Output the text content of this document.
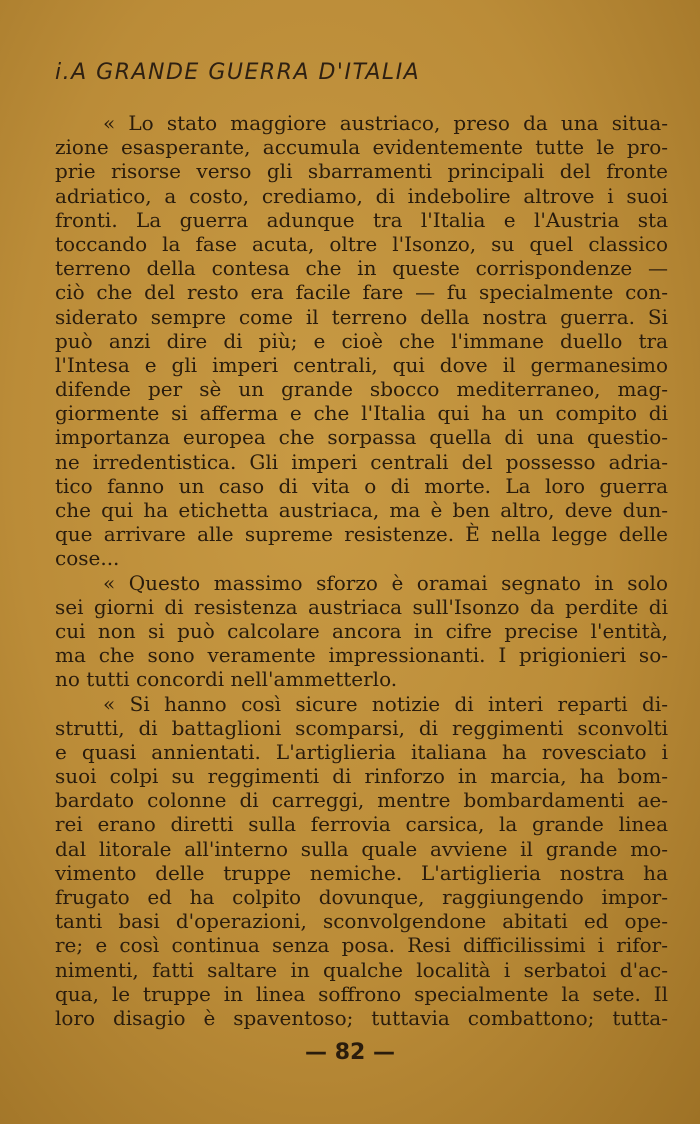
i.A GRANDE GUERRA D'ITALIA
« Lo stato maggiore austriaco, preso da una situa-
zione esasperante, accumula evidentemente tutte le pro-
prie risorse verso gli sbarramenti principali del fronte
adriatico, a costo, crediamo, di indebolire altrove i suoi
fronti. La guerra adunque tra l'Italia e l'Austria sta
toccando la fase acuta, oltre l'Isonzo, su quel classico
terreno della contesa che in queste corrispondenze —
ciò che del resto era facile fare — fu specialmente con-
siderato sempre come il terreno della nostra guerra. Si
può anzi dire di più; e cioè che l'immane duello tra
l'Intesa e gli imperi centrali, qui dove il germanesimo
difende per sè un grande sbocco mediterraneo, mag-
giormente si afferma e che l'Italia qui ha un compito di
importanza europea che sorpassa quella di una questio-
ne irredentistica. Gli imperi centrali del possesso adria-
tico fanno un caso di vita o di morte. La loro guerra
che qui ha etichetta austriaca, ma è ben altro, deve dun-
que arrivare alle supreme resistenze. È nella legge delle
cose...
« Questo massimo sforzo è oramai segnato in solo
sei giorni di resistenza austriaca sull'Isonzo da perdite di
cui non si può calcolare ancora in cifre precise l'entità,
ma che sono veramente impressionanti. I prigionieri so-
no tutti concordi nell'ammetterlo.
« Si hanno così sicure notizie di interi reparti di-
strutti, di battaglioni scomparsi, di reggimenti sconvolti
e quasi annientati. L'artiglieria italiana ha rovesciato i
suoi colpi su reggimenti di rinforzo in marcia, ha bom-
bardato colonne di carreggi, mentre bombardamenti ae-
rei erano diretti sulla ferrovia carsica, la grande linea
dal litorale all'interno sulla quale avviene il grande mo-
vimento delle truppe nemiche. L'artiglieria nostra ha
frugato ed ha colpito dovunque, raggiungendo impor-
tanti basi d'operazioni, sconvolgendone abitati ed ope-
re; e così continua senza posa. Resi difficilissimi i rifor-
nimenti, fatti saltare in qualche località i serbatoi d'ac-
qua, le truppe in linea soffrono specialmente la sete. Il
loro disagio è spaventoso; tuttavia combattono; tutta-
— 82 —
